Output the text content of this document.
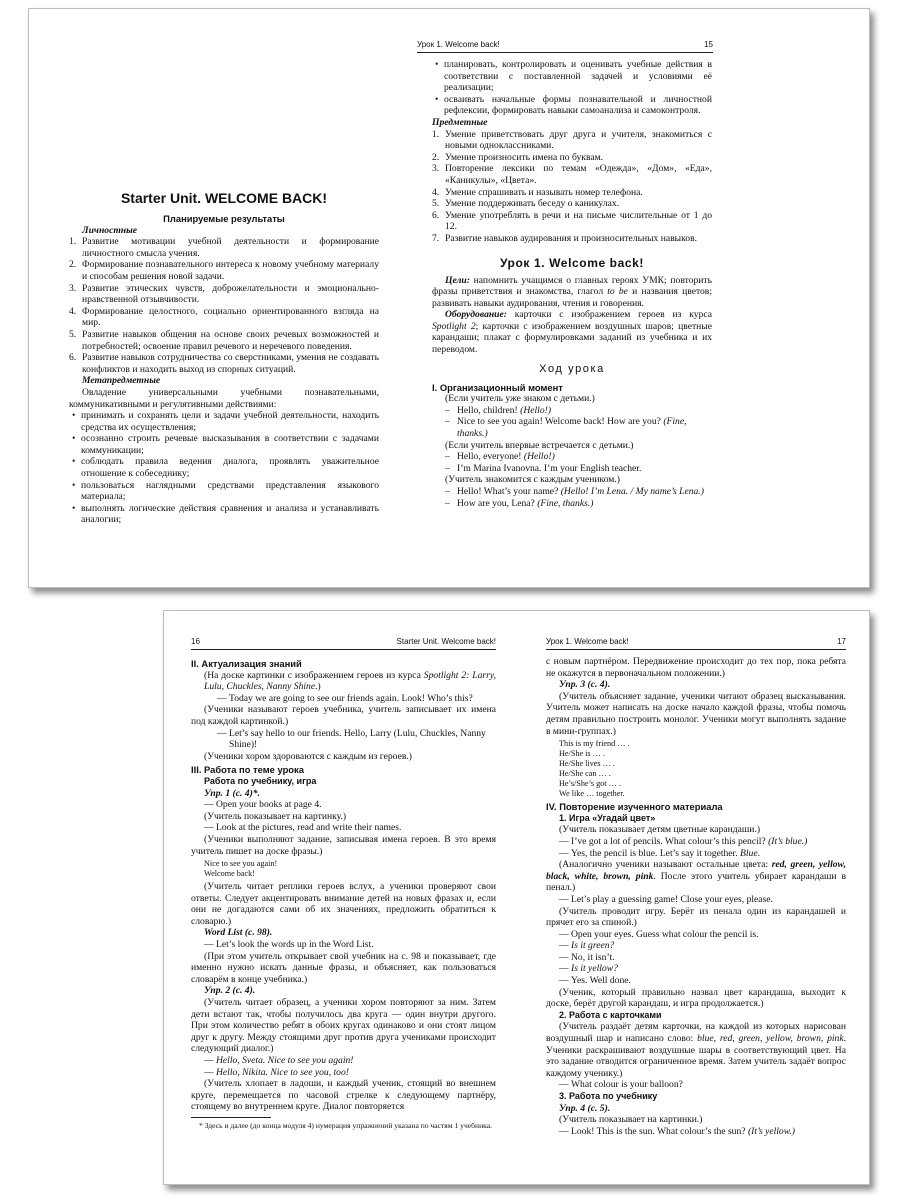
Starter Unit. WELCOME BACK!

Планируемые результаты

Личностные

1. Развитие мотивации учебной деятельности и формирование личностного смысла учения.
2. Формирование познавательного интереса к новому учебному материалу и способам решения новой задачи.
3. Развитие этических чувств, доброжелательности и эмоционально-нравственной отзывчивости.
4. Формирование целостного, социально ориентированного взгляда на мир.
5. Развитие навыков общения на основе своих речевых возможностей и потребностей; освоение правил речевого и неречевого поведения.
6. Развитие навыков сотрудничества со сверстниками, умения не создавать конфликтов и находить выход из спорных ситуаций.

Метапредметные

Овладение универсальными учебными познавательными, коммуникативными и регулятивными действиями:

• принимать и сохранять цели и задачи учебной деятельности, находить средства их осуществления;
• осознанно строить речевые высказывания в соответствии с задачами коммуникации;
• соблюдать правила ведения диалога, проявлять уважительное отношение к собеседнику;
• пользоваться наглядными средствами представления языкового материала;
• выполнять логические действия сравнения и анализа и устанавливать аналогии;
Урок 1. Welcome back!	15
• планировать, контролировать и оценивать учебные действия в соответствии с поставленной задачей и условиями её реализации;
• осваивать начальные формы познавательной и личностной рефлексии, формировать навыки самоанализа и самоконтроля.

Предметные

1. Умение приветствовать друг друга и учителя, знакомиться с новыми одноклассниками.
2. Умение произносить имена по буквам.
3. Повторение лексики по темам «Одежда», «Дом», «Еда», «Каникулы», «Цвета».
4. Умение спрашивать и называть номер телефона.
5. Умение поддерживать беседу о каникулах.
6. Умение употреблять в речи и на письме числительные от 1 до 12.
7. Развитие навыков аудирования и произносительных навыков.

Урок 1. Welcome back!

Цели: напомнить учащимся о главных героях УМК; повторить фразы приветствия и знакомства, глагол to be и названия цветов; развивать навыки аудирования, чтения и говорения.

Оборудование: карточки с изображением героев из курса Spotlight 2; карточки с изображением воздушных шаров; цветные карандаши; плакат с формулировками заданий из учебника и их переводом.

Ход урока

I. Организационный момент

(Если учитель уже знаком с детьми.)

– Hello, children! (Hello!)
– Nice to see you again! Welcome back! How are you? (Fine, thanks.)

(Если учитель впервые встречается с детьми.)

– Hello, everyone! (Hello!)
– I’m Marina Ivanovna. I’m your English teacher.

(Учитель знакомится с каждым учеником.)

– Hello! What’s your name? (Hello! I’m Lena. / My name’s Lena.)
– How are you, Lena? (Fine, thanks.)
16	Starter Unit. Welcome back!

II. Актуализация знаний

(На доске картинки с изображением героев из курса Spotlight 2: Larry, Lulu, Chuckles, Nanny Shine.)

— Today we are going to see our friends again. Look! Who’s this?

(Ученики называют героев учебника, учитель записывает их имена под каждой картинкой.)

— Let’s say hello to our friends. Hello, Larry (Lulu, Chuckles, Nanny Shine)!

(Ученики хором здороваются с каждым из героев.)

III. Работа по теме урока

Работа по учебнику, игра

Упр. 1 (с. 4)*.

— Open your books at page 4.

(Учитель показывает на картинку.)

— Look at the pictures, read and write their names.

(Ученики выполняют задание, записывая имена героев. В это время учитель пишет на доске фразы.)

Nice to see you again!

Welcome back!

(Учитель читает реплики героев вслух, а ученики проверяют свои ответы. Следует акцентировать внимание детей на новых фразах и, если они не догадаются сами об их значениях, предложить обратиться к словарю.)

Word List (с. 98).

— Let’s look the words up in the Word List.

(При этом учитель открывает свой учебник на с. 98 и показывает, где именно нужно искать данные фразы, и объясняет, как пользоваться словарём в конце учебника.)

Упр. 2 (с. 4).

(Учитель читает образец, а ученики хором повторяют за ним. Затем дети встают так, чтобы получилось два круга — один внутри другого. При этом количество ребят в обоих кругах одинаково и они стоят лицом друг к другу. Между стоящими друг против друга учениками происходит следующий диалог.)

— Hello, Sveta. Nice to see you again!
— Hello, Nikita. Nice to see you, too!

(Учитель хлопает в ладоши, и каждый ученик, стоящий во внешнем круге, перемещается по часовой стрелке к следующему партнёру, стоящему во внутреннем круге. Диалог повторяется

* Здесь и далее (до конца модуля 4) нумерация упражнений указана по частям 1 учебника.

Урок 1. Welcome back!	17

с новым партнёром. Передвижение происходит до тех пор, пока ребята не окажутся в первоначальном положении.)

Упр. 3 (с. 4).

(Учитель объясняет задание, ученики читают образец высказывания. Учитель может написать на доске начало каждой фразы, чтобы помочь детям правильно построить монолог. Ученики могут выполнять задание в мини-группах.)

This is my friend … .

He/She is … .

He/She lives … .

He/She can … .

He’s/She’s got … .

We like … together.

IV. Повторение изученного материала

1. Игра «Угадай цвет»

(Учитель показывает детям цветные карандаши.)

— I’ve got a lot of pencils. What colour’s this pencil? (It’s blue.)
— Yes, the pencil is blue. Let’s say it together. Blue.

(Аналогично ученики называют остальные цвета: red, green, yellow, black, white, brown, pink. После этого учитель убирает карандаши в пенал.)

— Let’s play a guessing game! Close your eyes, please.

(Учитель проводит игру. Берёт из пенала один из карандашей и прячет его за спиной.)

— Open your eyes. Guess what colour the pencil is.
— Is it green?
— No, it isn’t.
— Is it yellow?
— Yes. Well done.

(Ученик, который правильно назвал цвет карандаша, выходит к доске, берёт другой карандаш, и игра продолжается.)

2. Работа с карточками

(Учитель раздаёт детям карточки, на каждой из которых нарисован воздушный шар и написано слово: blue, red, green, yellow, brown, pink. Ученики раскрашивают воздушные шары в соответствующий цвет. На это задание отводится ограниченное время. Затем учитель задаёт вопрос каждому ученику.)

— What colour is your balloon?

3. Работа по учебнику

Упр. 4 (с. 5).

(Учитель показывает на картинки.)

— Look! This is the sun. What colour’s the sun? (It’s yellow.)
